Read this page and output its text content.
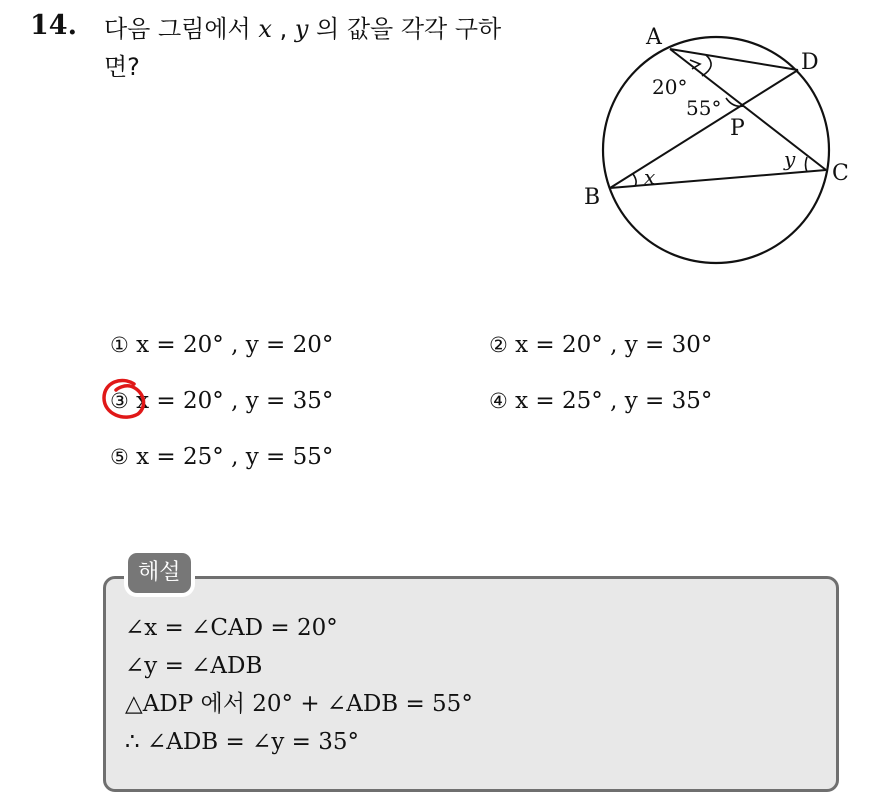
14. 다음 그림에서 x , y 의 값을 각각 구하
면?
A
D
P
B
C
20°
55°
x
y
① x = 20° , y = 20°	② x = 20° , y = 30°
③ x = 20° , y = 35°	④ x = 25° , y = 35°
⑤ x = 25° , y = 55°
해설
∠x = ∠CAD = 20°
∠y = ∠ADB
△ADP 에서 20° + ∠ADB = 55°
∴ ∠ADB = ∠y = 35°
